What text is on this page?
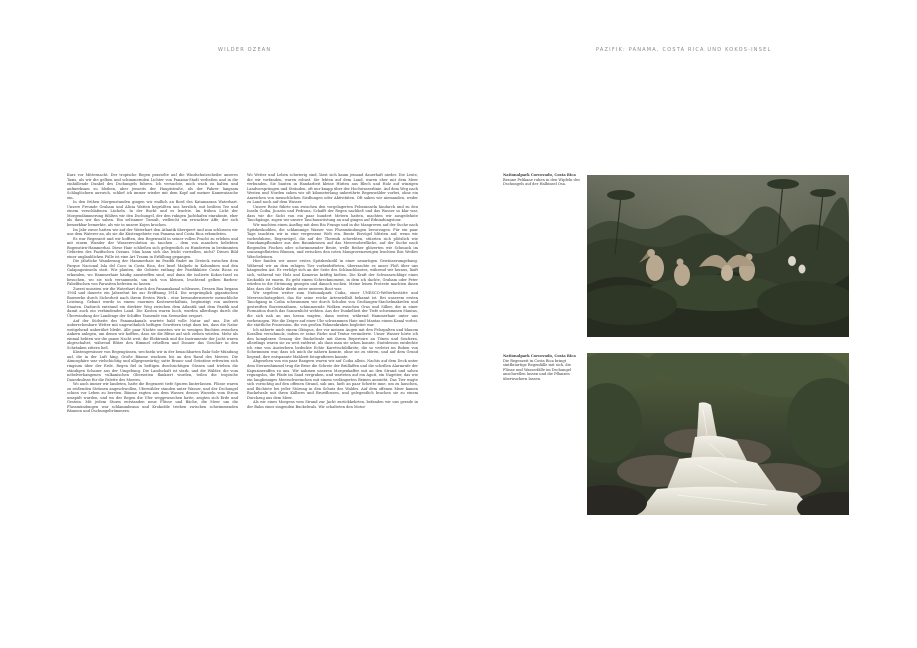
WILDER OZEAN	PAZIFIK: PANAMA, COSTA RICA UND KOKOS-INSEL

Kurz vor Mitternacht. Der tropische Regen prasselte auf die Windschutzscheibe unseres Taxis, als wir die gelben und schimmernden Lichter von Panama-Stadt verließen und in die einhüllende Dunkel des Dschungels fuhren. Ich versuchte, mich wach zu halten und aufmerksam zu bleiben, aber jenseits der Hauptstraße, als der Fahrer langsam Schlaglöchern auswich, schlief ich immer wieder mit dem Kopf auf meiner Kameratasche ein.

In den frühen Morgenstunden gingen wir endlich an Bord des Katamarans Waterhart. Unsere Freunde Graham und Alicia Watten begrüßten uns herzlich, mit heißem Tee und einem verschlafenen Lächeln. In der Bucht und es leuchte. Im frühen Licht der Morgendämmerung fühlten wir den Dschungel, der den ruhigen Jachthafen einrahmte, eher als dass wir ihn sahen. Ein seltsamer Tumult, vielleicht ein erwachter Affe, der sich bemerkbar bemerkte, als wir in unsere Kojen krochen.

Im Jahr zuvor hatten wir auf der Waterhart den Atlantik überquert und nun schlossen wir uns dem Waterer an, als sie die Küstengebiete von Panama und Costa Rica erkundeten.

Es war Regenzeit und wir hofften, den Regenwald in seiner vollen Pracht zu erleben und mit einem Wunder der Wasserevolution zu tauchen – dem von manchen beliebten Bogenstirn-Hammerhai. Diese Haie schließen sich gelegentlich zu Hunderten in bestimmten Gebieten des Pazifischen Ozeans. Man kann sich das leicht vorstellen, nicht? Dieses Bild einer unglaublichen Fülle ist eine Art Traum in Erfüllung gegangen.

Die jährliche Wanderung der Hammerhaie im Pazifik findet im Dreieck zwischen dem Parque Nacional Isla del Coco in Costa Rica, der Insel Malpelo in Kolumbien und den Galapagosinseln statt. Wir planten, die Gebiete entlang der Pazifikküste Costa Ricas zu erkunden, wo Hammerhaie häufig anzutreffen sind, und dann die isolierte Kokos-Insel zu besuchen, wo sie sich versammeln, um sich von kleinen, leuchtend gelben Barben-Fabelfischen von Parasiten befreien zu lassen.

Zuerst mussten wir die Waterhart durch den Panamakanal schleusen. Dessen Bau begann 1904 und dauerte ein Jahrzehnt bis zur Eröffnung 1914. Die ursprünglich gigantischen Bauwerke durch Sicherheit nach ihrem Ersten Werk – eine bewundernswerte menschliche Leistung. Gebaut wurde in einem enormen Kostenverhältnis, begünstigt von anderen Staaten. Dadurch entstand ein direkter Weg zwischen dem Atlantik und dem Pazifik und damit auch ein verbindendes Land. Die Kosten waren hoch, wurden allerdings durch die Überwindung der Landenge der Schiffes Tausende von Seemeilen erspart.

Auf der Südseite des Panamakanals wartete bald volle Natur auf uns. Die oft unberechenbare Wetter mit ungewöhnlich heftigen Gewittern trägt dazu bei, dass die Natur weitgehend unberührt bleibt. Alle paar Nächte mussten wir in wenigen Buchten zwischen Ankern anlegen, um denen wir hofften, dass sie die Blitze auf sich ziehen würden. Mehr als einmal bebten wir die ganze Nacht weit, die Elektronik und die Instrumente der Jacht waren abgeschaltet, während Blitze den Himmel erhellten und Donner das Geschirr in den Schränken zittern ließ.

Küstengewässer von Regengüssen, wechseln wir in der benachbarten Bala-Sole-Mündung auf, die in der Luft hing. Große Bäume wachsen bis an den Rand des Meeres. Die Atmosphäre war vielschichtig und allgegenwärtig; satte Braun- und Grüntöne erfreuten sich ringsum über der Erde. Regen fiel in heftigen durchsichtigen Güssen und trieben die ständigen Schauer aus der Umgebung. Die Landschaft ist stark, und die Wälder, die vom nebelverhangenen vulkanischen Oberseiten flankiert wurden, teilen die tropische Dauerkulisse für die Palette des Meeres.

Wo auch immer wir landeten, hatte die Regenzeit tiefe Spuren hinterlassen. Flüsse waren zu reißenden Strömen angeschwollen, Uferwälder standen unter Wasser, und der Dschungel schien vor Leben zu bersten. Bäume ragten aus dem Wasser, dessen Wurzeln vom Strom umspült wurden, und wo der Regen die Ufer weggewaschen hatte, zeigten sich Erde und Gestein. Mit jedem Sturm entstanden neue Flüsse und Bäche, die Meer um die Flussmündungen war schlammbraun und Krokodile trieben zwischen schwimmenden Bäumen und Dschungeltrümmern.

Wo Wetter und Leben schwierig sind, lässt sich kaum jemand dauerhaft nieder. Die Leute, die wir vorfanden, waren robust. Sie lebten auf dem Land, waren eher mit dem Meer verbunden. Sie bauten in Handarbeit kleine Hütten aus Blech und Holz auf winzigen Landvorsprüngen und Stränden, oft nur knapp über der Hochwasserlinie. Auf dem Weg nach Westen und Norden sahen wir oft kilometerlang unberührte Regenwälder vorbei, ohne ein Anzeichen von menschlichen Siedlungen oder Aktivitäten. Oft sahen wir niemanden, weder zu Land noch auf dem Wasser.

Unsere Reise führte uns zwischen den vorgelagerten Felseninseln hindurch und zu den Inseln Coiba, Jicarón und Pedrona. Schafft der Regen nachließ und das Wasser so klar war, dass wir die Sicht von ein paar hundert Metern hatten, machten wir ausgedehnte Tauchgänge, zogen wir unsere Tauchausrüstung an und gingen auf Erkundungstour.

Wir machten einen Ausflug mit dem Rio Frango und in die Mangroven auf der Suche nach Spitzkrokodilen, die schlammige Wasser von Flussmündungen bevorzugen. Für ein paar Tage tauchten wir in eine vergessene Welt ein. Bunte Eisvögel blitzten auf, wenn wir vorbeifuhren, Regenvögel, die auf der Thermik schwebten, stürzten sich plötzlich wie Sturzkampfbomber aus den Baumkronen auf das Meeresoberfläche, auf der Suche nach fliegenden Fischen oder schwimmender Beute, welle Reiher glitzerten wie Schmuck im sonnengefluteten Blumen, und zwischen den roten Mangrovenzweigen leuchten Ibis Weißes Wäscheleinen.

Hier fanden wir unser erstes Spitzkrokodil in einer neuartigen Gewässerumgebung. Während wir an dem ruhigen Tier vorbeidrifteten, überraschte es unser Floß über uns hängenden Ast. Er verfolgt sich an der Seite des Schlauchbootes, während wir heraus, läuft sich, während wir Holz und Kameras kräftig hielten. Die Kraft der Schwanzschläge eines Krokodils ist enorm. Es geht einem Schreckmoment, in dem ich dachte, Graham oder Peter würden in die Strömung gezogen und danach suchen. Meine leisen Proteste machten ihnen klar, dass die Gefahr direkt unter unseren Boot war.

Wir segelten weiter zum Nationalpark Coiba, einer UNESCO-Welterbestätte und Meeresschutzgebiet, das für seine reiche Artenvielfalt bekannt ist. Bei unserem ersten Tauchgang in Coiba schwammen wir durch Schulen von Großaugen-Stachelmakrelen und gestreiften Borstenzähnen, schimmernde Wolken zwischen Gras und Silber, die in einer Formation durch das Sonnenlicht wehten. Aus der Dunkelheit der Tiefe schwammen Mantas, die sich nah an uns heran wagten, dann weiter, während Hammerhaie unter uns vorbeizogen. Wie die Zeiger auf einer Uhr schwammen Haie und Mantas einem Kanal vorbei, die stattliche Prozession, die von großen Fahnenkraken begleitet war.

Ich näherte mich einem Oktopus, der vor meinen Augen mit den Felsspalten und blauem Korallen verschmolz, indem er seine Farbe und Textur veränderte. Unser Wasser hörte ich den komplexen Gesang der Buckelwale mit ihrem Repertoire an Tönen und Seufzern, allerdings waren sie zu weit entfernt, als dass man sie sehen konnte. Stattdessen entdeckte ich eine von Austerbern bedeckte Echte Karettschildkröte, die so verletzt im Ruhen von Schwimmen war, dass ich mich ihr nähern konnte, ohne sie zu stören, und auf dem Grund liegend, ihre entspannte Mahlzeit fotografieren konnte.

Abgesehen von ein paar Rangern waren wir auf Coiba allein. Nachts auf dem Deck unter dem Sternenhimmel trug die Brise die Schreie der Brüllaffen und die schrillen Alarmrufe der Kapuzineraffen zu uns. Wir nahmen unseren Morgenkaffee mit an den Strand und sahen regungslos, die Pfade im Sand vergraben, und warteten auf ein Agutí, ein Nagetier, das wie ein langbeiniges Meerschweinchen mit einem verlängerten Beinen aussieht. Das Tier wagte sich vorsichtig auf den offenen Strand, sah uns, hielt an paar Schritte inne, um zu lauschen, und flüchtete bei jeder Störung in den Schutz des Waldes. Auf dem offenen Meer kamen Buckelwale mit ihren Kälbern und Brustflossen, und gelegentlich brachen sie zu einem Durchzug aus dem Meer.

Als wir eines Morgens vom Strand zur Jacht zurückkehrten, befanden wir uns gerade in der Bahn eines singenden Buckelwals. Wir schalteten den Motor

Nationalpark Corcovado, Costa Rica
Braune Pelikane ruhen in den Wipfeln des Dschungels auf der Halbinsel Osa.
Nationalpark Corcovado, Costa Rica
Die Regenzeit in Costa Rica bringt sintflutartige Regenfälle mit sich, die Flüsse und Wasserfälle im Dschungel anschwellen lassen und die Pflanzen überwuchern lassen.
